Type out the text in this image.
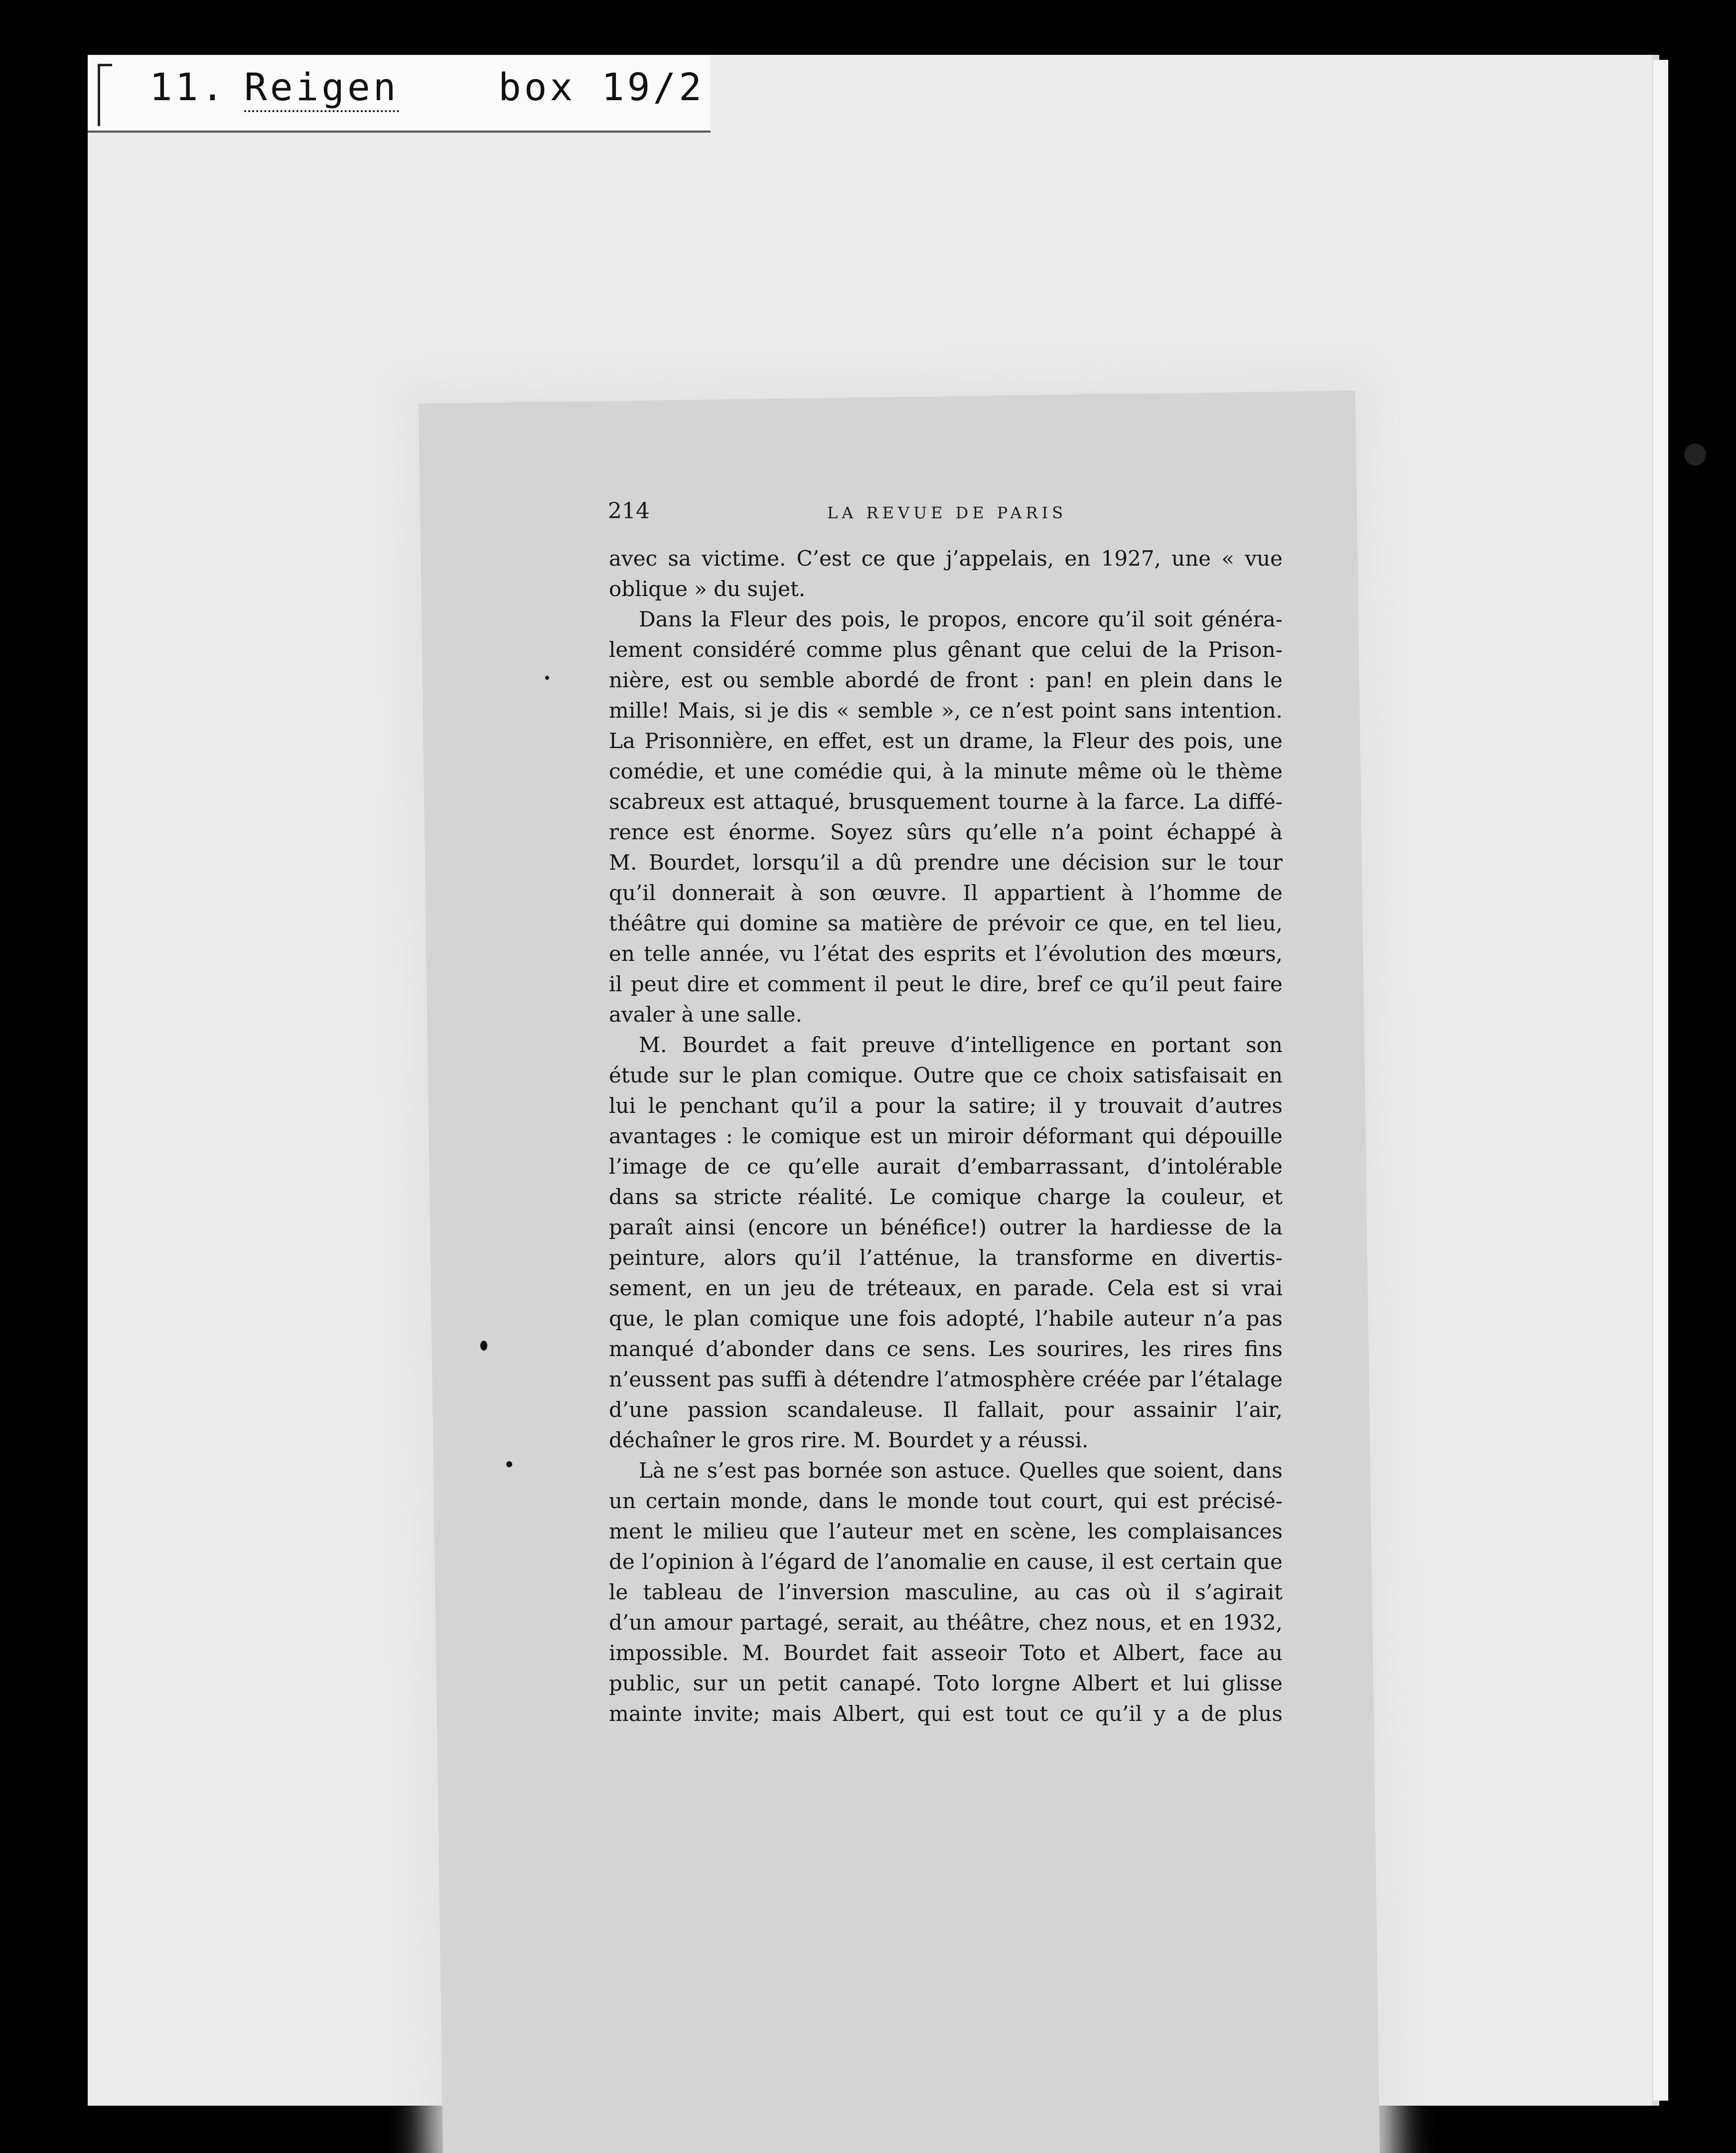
11. Reigen	box 19/2
214	LA REVUE DE PARIS
avec sa victime. C’est ce que j’appelais, en 1927, une « vue
oblique » du sujet.
Dans la Fleur des pois, le propos, encore qu’il soit généra-
lement considéré comme plus gênant que celui de la Prison-
nière, est ou semble abordé de front : pan! en plein dans le
mille! Mais, si je dis « semble », ce n’est point sans intention.
La Prisonnière, en effet, est un drame, la Fleur des pois, une
comédie, et une comédie qui, à la minute même où le thème
scabreux est attaqué, brusquement tourne à la farce. La diffé-
rence est énorme. Soyez sûrs qu’elle n’a point échappé à
M. Bourdet, lorsqu’il a dû prendre une décision sur le tour
qu’il donnerait à son œuvre. Il appartient à l’homme de
théâtre qui domine sa matière de prévoir ce que, en tel lieu,
en telle année, vu l’état des esprits et l’évolution des mœurs,
il peut dire et comment il peut le dire, bref ce qu’il peut faire
avaler à une salle.
M. Bourdet a fait preuve d’intelligence en portant son
étude sur le plan comique. Outre que ce choix satisfaisait en
lui le penchant qu’il a pour la satire; il y trouvait d’autres
avantages : le comique est un miroir déformant qui dépouille
l’image de ce qu’elle aurait d’embarrassant, d’intolérable
dans sa stricte réalité. Le comique charge la couleur, et
paraît ainsi (encore un bénéfice!) outrer la hardiesse de la
peinture, alors qu’il l’atténue, la transforme en divertis-
sement, en un jeu de tréteaux, en parade. Cela est si vrai
que, le plan comique une fois adopté, l’habile auteur n’a pas
manqué d’abonder dans ce sens. Les sourires, les rires fins
n’eussent pas suffi à détendre l’atmosphère créée par l’étalage
d’une passion scandaleuse. Il fallait, pour assainir l’air,
déchaîner le gros rire. M. Bourdet y a réussi.
Là ne s’est pas bornée son astuce. Quelles que soient, dans
un certain monde, dans le monde tout court, qui est précisé-
ment le milieu que l’auteur met en scène, les complaisances
de l’opinion à l’égard de l’anomalie en cause, il est certain que
le tableau de l’inversion masculine, au cas où il s’agirait
d’un amour partagé, serait, au théâtre, chez nous, et en 1932,
impossible. M. Bourdet fait asseoir Toto et Albert, face au
public, sur un petit canapé. Toto lorgne Albert et lui glisse
mainte invite; mais Albert, qui est tout ce qu’il y a de plus
